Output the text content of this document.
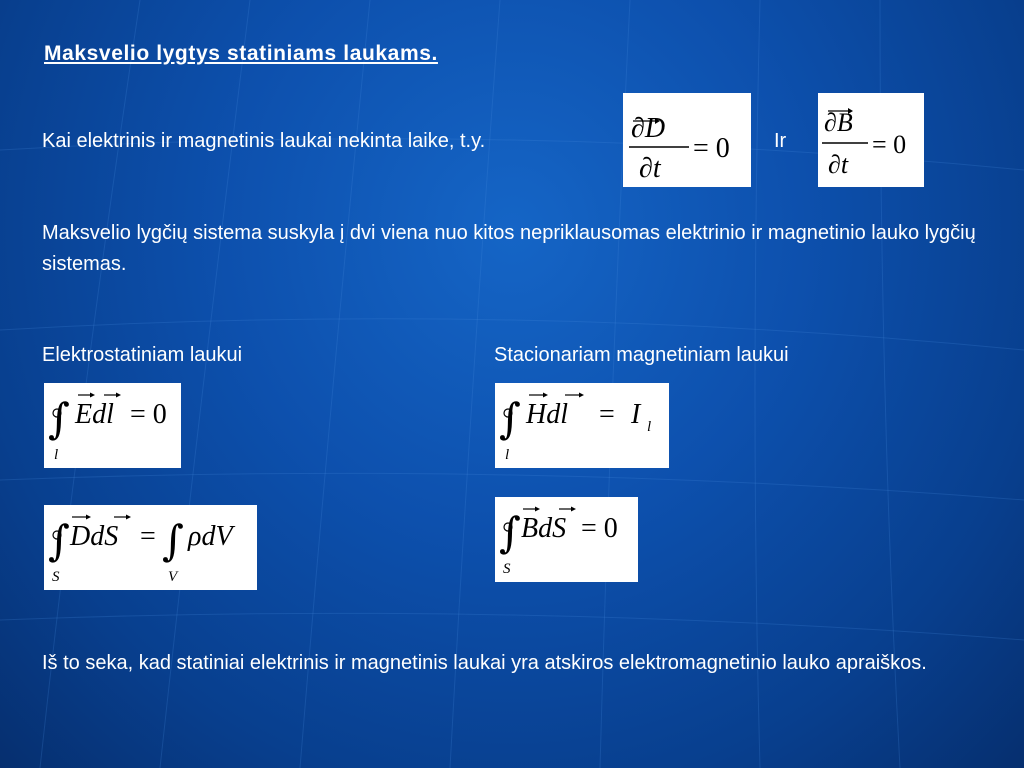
Maksvelio lygtys statiniams laukams.
Kai elektrinis ir magnetinis laukai nekinta laike, t.y.	∂D
∂t
= 0 Ir
∂B
∂t
= 0
Maksvelio lygčių sistema suskyla į dvi viena nuo kitos nepriklausomas elektrinio ir magnetinio lauko lygčių sistemas.
Elektrostatiniam laukui	Stacionariam magnetiniam laukui
∫
l
Edl = 0
∫
S
DdS = ∫
V
ρdV
∫
l
Hdl = I l
∫
S
BdS = 0
Iš to seka, kad statiniai elektrinis ir magnetinis laukai yra atskiros elektromagnetinio lauko apraiškos.
